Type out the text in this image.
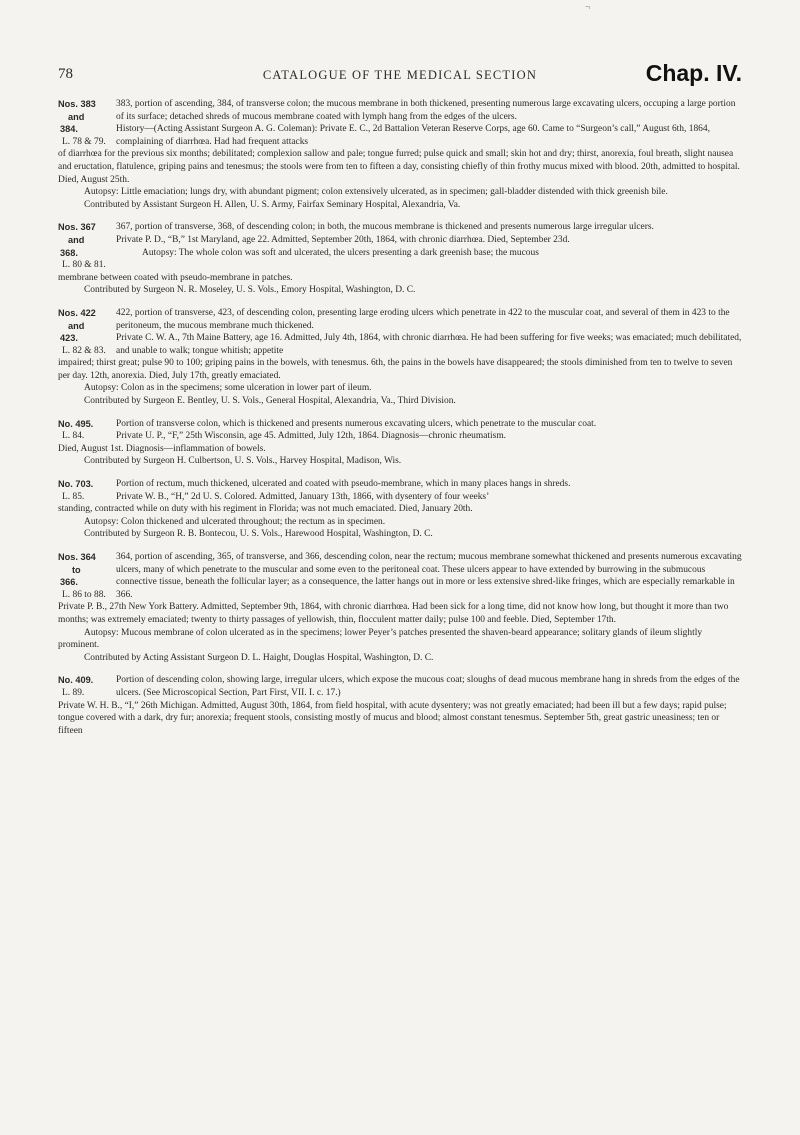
¬
78	CATALOGUE OF THE MEDICAL SECTION	Chap. IV.
Nos. 383
and
384.
L. 78 & 79.

383, portion of ascending, 384, of transverse colon; the mucous membrane in both thickened, presenting numerous large excavating ulcers, occuping a large portion of its surface; detached shreds of mucous membrane coated with lymph hang from the edges of the ulcers.

History—(Acting Assistant Surgeon A. G. Coleman): Private E. C., 2d Battalion Veteran Reserve Corps, age 60. Came to “Surgeon’s call,” August 6th, 1864, complaining of diarrhœa. Had had frequent attacks

of diarrhœa for the previous six months; debilitated; complexion sallow and pale; tongue furred; pulse quick and small; skin hot and dry; thirst, anorexia, foul breath, slight nausea and eructation, flatulence, griping pains and tenesmus; the stools were from ten to fifteen a day, consisting chiefly of thin frothy mucus mixed with blood. 20th, admitted to hospital. Died, August 25th.

Autopsy: Little emaciation; lungs dry, with abundant pigment; colon extensively ulcerated, as in specimen; gall-bladder distended with thick greenish bile.

Contributed by Assistant Surgeon H. Allen, U. S. Army, Fairfax Seminary Hospital, Alexandria, Va.

Nos. 367
and
368.
L. 80 & 81.

367, portion of transverse, 368, of descending colon; in both, the mucous membrane is thickened and presents numerous large irregular ulcers.

Private P. D., “B,” 1st Maryland, age 22. Admitted, September 20th, 1864, with chronic diarrhœa. Died, September 23d.

Autopsy: The whole colon was soft and ulcerated, the ulcers presenting a dark greenish base; the mucous

membrane between coated with pseudo-membrane in patches.

Contributed by Surgeon N. R. Moseley, U. S. Vols., Emory Hospital, Washington, D. C.

Nos. 422
and
423.
L. 82 & 83.

422, portion of transverse, 423, of descending colon, presenting large eroding ulcers which penetrate in 422 to the muscular coat, and several of them in 423 to the peritoneum, the mucous membrane much thickened.

Private C. W. A., 7th Maine Battery, age 16. Admitted, July 4th, 1864, with chronic diarrhœa. He had been suffering for five weeks; was emaciated; much debilitated, and unable to walk; tongue whitish; appetite

impaired; thirst great; pulse 90 to 100; griping pains in the bowels, with tenesmus. 6th, the pains in the bowels have disappeared; the stools diminished from ten to twelve to seven per day. 12th, anorexia. Died, July 17th, greatly emaciated.

Autopsy: Colon as in the specimens; some ulceration in lower part of ileum.

Contributed by Surgeon E. Bentley, U. S. Vols., General Hospital, Alexandria, Va., Third Division.

No. 495.
L. 84.

Portion of transverse colon, which is thickened and presents numerous excavating ulcers, which penetrate to the muscular coat.

Private U. P., “F,” 25th Wisconsin, age 45. Admitted, July 12th, 1864. Diagnosis—chronic rheumatism.

Died, August 1st. Diagnosis—inflammation of bowels.

Contributed by Surgeon H. Culbertson, U. S. Vols., Harvey Hospital, Madison, Wis.

No. 703.
L. 85.

Portion of rectum, much thickened, ulcerated and coated with pseudo-membrane, which in many places hangs in shreds.

Private W. B., “H,” 2d U. S. Colored. Admitted, January 13th, 1866, with dysentery of four weeks’

standing, contracted while on duty with his regiment in Florida; was not much emaciated. Died, January 20th.

Autopsy: Colon thickened and ulcerated throughout; the rectum as in specimen.

Contributed by Surgeon R. B. Bontecou, U. S. Vols., Harewood Hospital, Washington, D. C.

Nos. 364
to
366.
L. 86 to 88.

364, portion of ascending, 365, of transverse, and 366, descending colon, near the rectum; mucous membrane somewhat thickened and presents numerous excavating ulcers, many of which penetrate to the muscular and some even to the peritoneal coat. These ulcers appear to have extended by burrowing in the submucous connective tissue, beneath the follicular layer; as a consequence, the latter hangs out in more or less extensive shred-like fringes, which are especially remarkable in 366.

Private P. B., 27th New York Battery. Admitted, September 9th, 1864, with chronic diarrhœa. Had been sick for a long time, did not know how long, but thought it more than two months; was extremely emaciated; twenty to thirty passages of yellowish, thin, flocculent matter daily; pulse 100 and feeble. Died, September 17th.

Autopsy: Mucous membrane of colon ulcerated as in the specimens; lower Peyer’s patches presented the shaven-beard appearance; solitary glands of ileum slightly prominent.

Contributed by Acting Assistant Surgeon D. L. Haight, Douglas Hospital, Washington, D. C.

No. 409.
L. 89.

Portion of descending colon, showing large, irregular ulcers, which expose the mucous coat; sloughs of dead mucous membrane hang in shreds from the edges of the ulcers. (See Microscopical Section, Part First, VII. I. c. 17.)

Private W. H. B., “I,” 26th Michigan. Admitted, August 30th, 1864, from field hospital, with acute dysentery; was not greatly emaciated; had been ill but a few days; rapid pulse; tongue covered with a dark, dry fur; anorexia; frequent stools, consisting mostly of mucus and blood; almost constant tenesmus. September 5th, great gastric uneasiness; ten or fifteen
